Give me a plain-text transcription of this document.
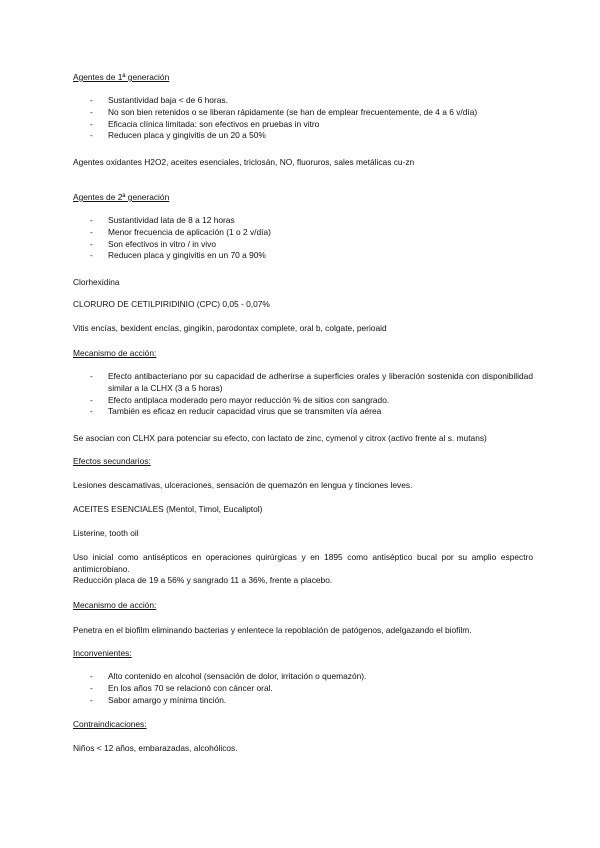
Agentes de 1ª generación
- Sustantividad baja < de 6 horas.
- No son bien retenidos o se liberan rápidamente (se han de emplear frecuentemente, de 4 a 6 v/día)
- Eficacia clínica limitada: son efectivos en pruebas in vitro
- Reducen placa y gingivitis de un 20 a 50%
Agentes oxidantes H2O2, aceites esenciales, triclosán, NO, fluoruros, sales metálicas cu-zn
Agentes de 2ª generación
- Sustantividad lata de 8 a 12 horas
- Menor frecuencia de aplicación (1 o 2 v/día)
- Son efectivos in vitro / in vivo
- Reducen placa y gingivitis en un 70 a 90%
Clorhexidina
CLORURO DE CETILPIRIDINIO (CPC) 0,05 - 0,07%
Vitis encías, bexident encías, gingikin, parodontax complete, oral b, colgate, perioaid
Mecanismo de acción:
- Efecto antibacteriano por su capacidad de adherirse a superficies orales y liberación sostenida con disponibilidad similar a la CLHX (3 a 5 horas)
- Efecto antiplaca moderado pero mayor reducción % de sitios con sangrado.
- También es eficaz en reducir capacidad virus que se transmiten vía aérea
Se asocian con CLHX para potenciar su efecto, con lactato de zinc, cymenol y citrox (activo frente al s. mutans)
Efectos secundarios:
Lesiones descamativas, ulceraciones, sensación de quemazón en lengua y tinciones leves.
ACEITES ESENCIALES (Mentol, Timol, Eucaliptol)
Listerine, tooth oil
Uso inicial como antisépticos en operaciones quirúrgicas y en 1895 como antiséptico bucal por su amplio espectro antimicrobiano.
Reducción placa de 19 a 56% y sangrado 11 a 36%, frente a placebo.
Mecanismo de acción:
Penetra en el biofilm eliminando bacterias y enlentece la repoblación de patógenos, adelgazando el biofilm.
Inconvenientes:
- Alto contenido en alcohol (sensación de dolor, irritación o quemazón).
- En los años 70 se relacionó con cáncer oral.
- Sabor amargo y mínima tinción.
Contraindicaciones:
Niños < 12 años, embarazadas, alcohólicos.
